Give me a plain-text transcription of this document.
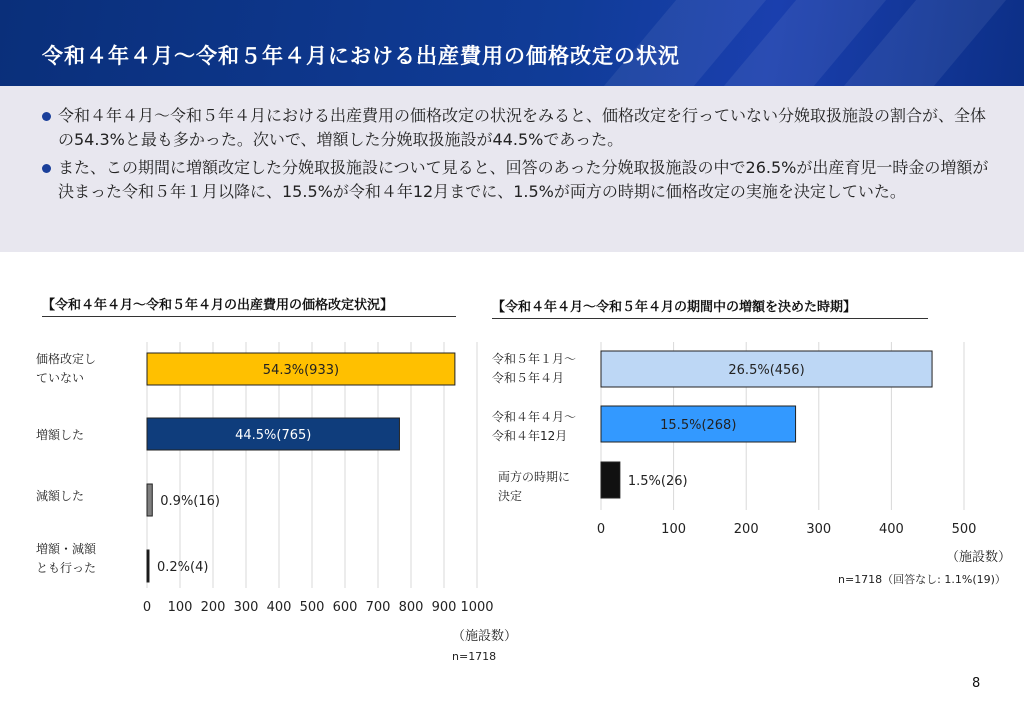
令和４年４月～令和５年４月における出産費用の価格改定の状況
令和４年４月～令和５年４月における出産費用の価格改定の状況をみると、価格改定を行っていない分娩取扱施設の割合が、全体の54.3%と最も多かった。次いで、増額した分娩取扱施設が44.5%であった。
また、この期間に増額改定した分娩取扱施設について見ると、回答のあった分娩取扱施設の中で26.5%が出産育児一時金の増額が決まった令和５年１月以降に、15.5%が令和４年12月までに、1.5%が両方の時期に価格改定の実施を決定していた。
【令和４年４月～令和５年４月の出産費用の価格改定状況】
価格改定し
ていない
増額した
減額した
増額・減額
とも行った
0 100 200 300 400 500 600 700 800 900 1000
54.3%(933)
44.5%(765)
0.9%(16)
0.2%(4)
（施設数）
n=1718
【令和４年４月～令和５年４月の期間中の増額を決めた時期】
令和５年１月～
令和５年４月
令和４年４月～
令和４年12月
両方の時期に
決定
0	100	200	300	400	500
26.5%(456)
15.5%(268)
1.5%(26)
（施設数）
n=1718（回答なし: 1.1%(19)）
8
